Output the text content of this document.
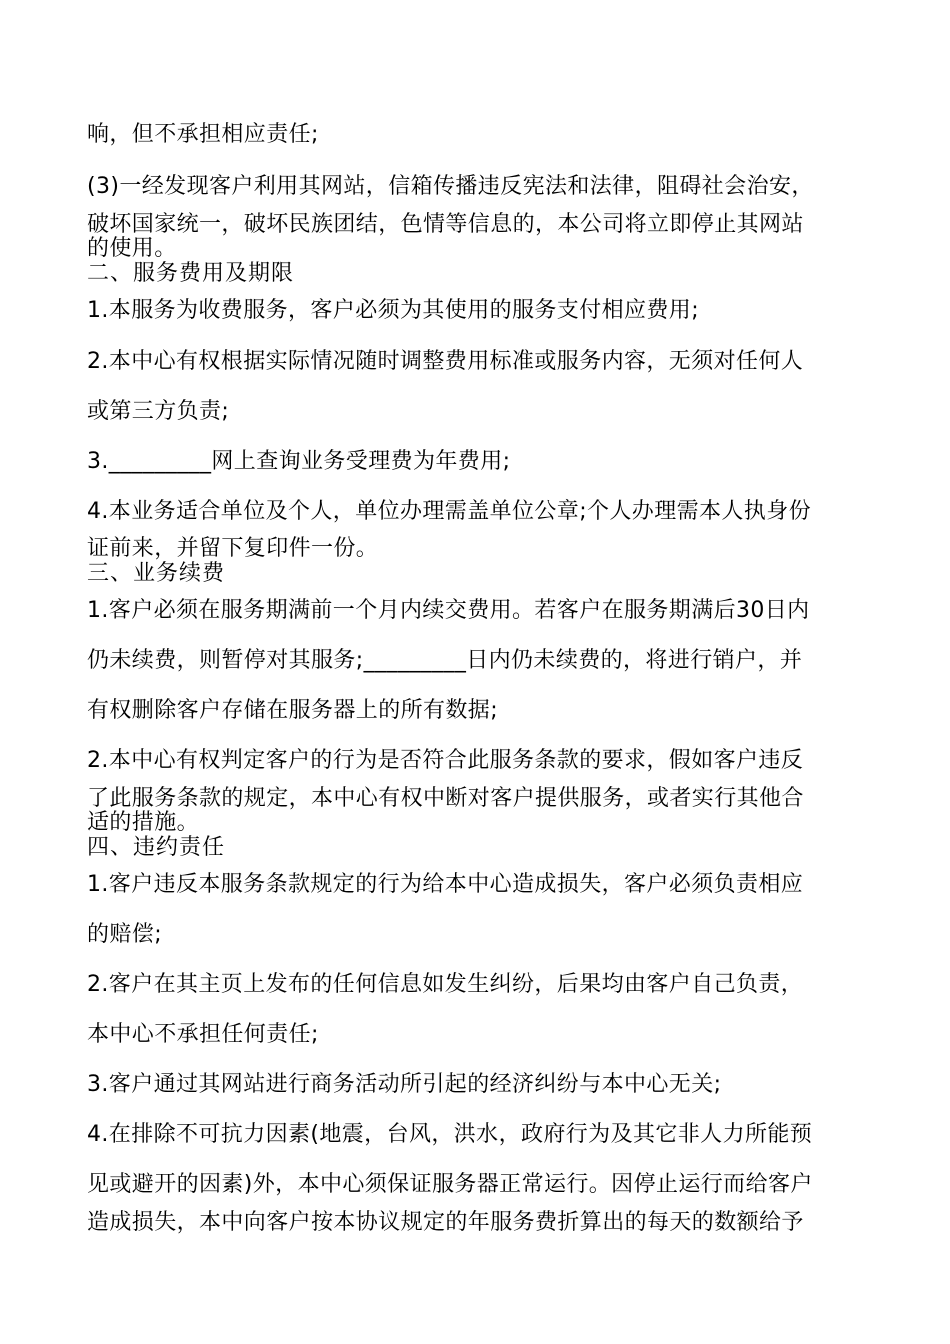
响，但不承担相应责任;
(3)一经发现客户利用其网站，信箱传播违反宪法和法律，阻碍社会治安，
破坏国家统一，破坏民族团结，色情等信息的，本公司将立即停止其网站
的使用。
二、服务费用及期限
1.本服务为收费服务，客户必须为其使用的服务支付相应费用;
2.本中心有权根据实际情况随时调整费用标准或服务内容，无须对任何人
或第三方负责;
3._________网上查询业务受理费为年费用;
4.本业务适合单位及个人，单位办理需盖单位公章;个人办理需本人执身份
证前来，并留下复印件一份。
三、业务续费
1.客户必须在服务期满前一个月内续交费用。若客户在服务期满后30日内
仍未续费，则暂停对其服务;_________日内仍未续费的，将进行销户，并
有权删除客户存储在服务器上的所有数据;
2.本中心有权判定客户的行为是否符合此服务条款的要求，假如客户违反
了此服务条款的规定，本中心有权中断对客户提供服务，或者实行其他合
适的措施。
四、违约责任
1.客户违反本服务条款规定的行为给本中心造成损失，客户必须负责相应
的赔偿;
2.客户在其主页上发布的任何信息如发生纠纷，后果均由客户自己负责，
本中心不承担任何责任;
3.客户通过其网站进行商务活动所引起的经济纠纷与本中心无关;
4.在排除不可抗力因素(地震，台风，洪水，政府行为及其它非人力所能预
见或避开的因素)外，本中心须保证服务器正常运行。因停止运行而给客户
造成损失，本中向客户按本协议规定的年服务费折算出的每天的数额给予
